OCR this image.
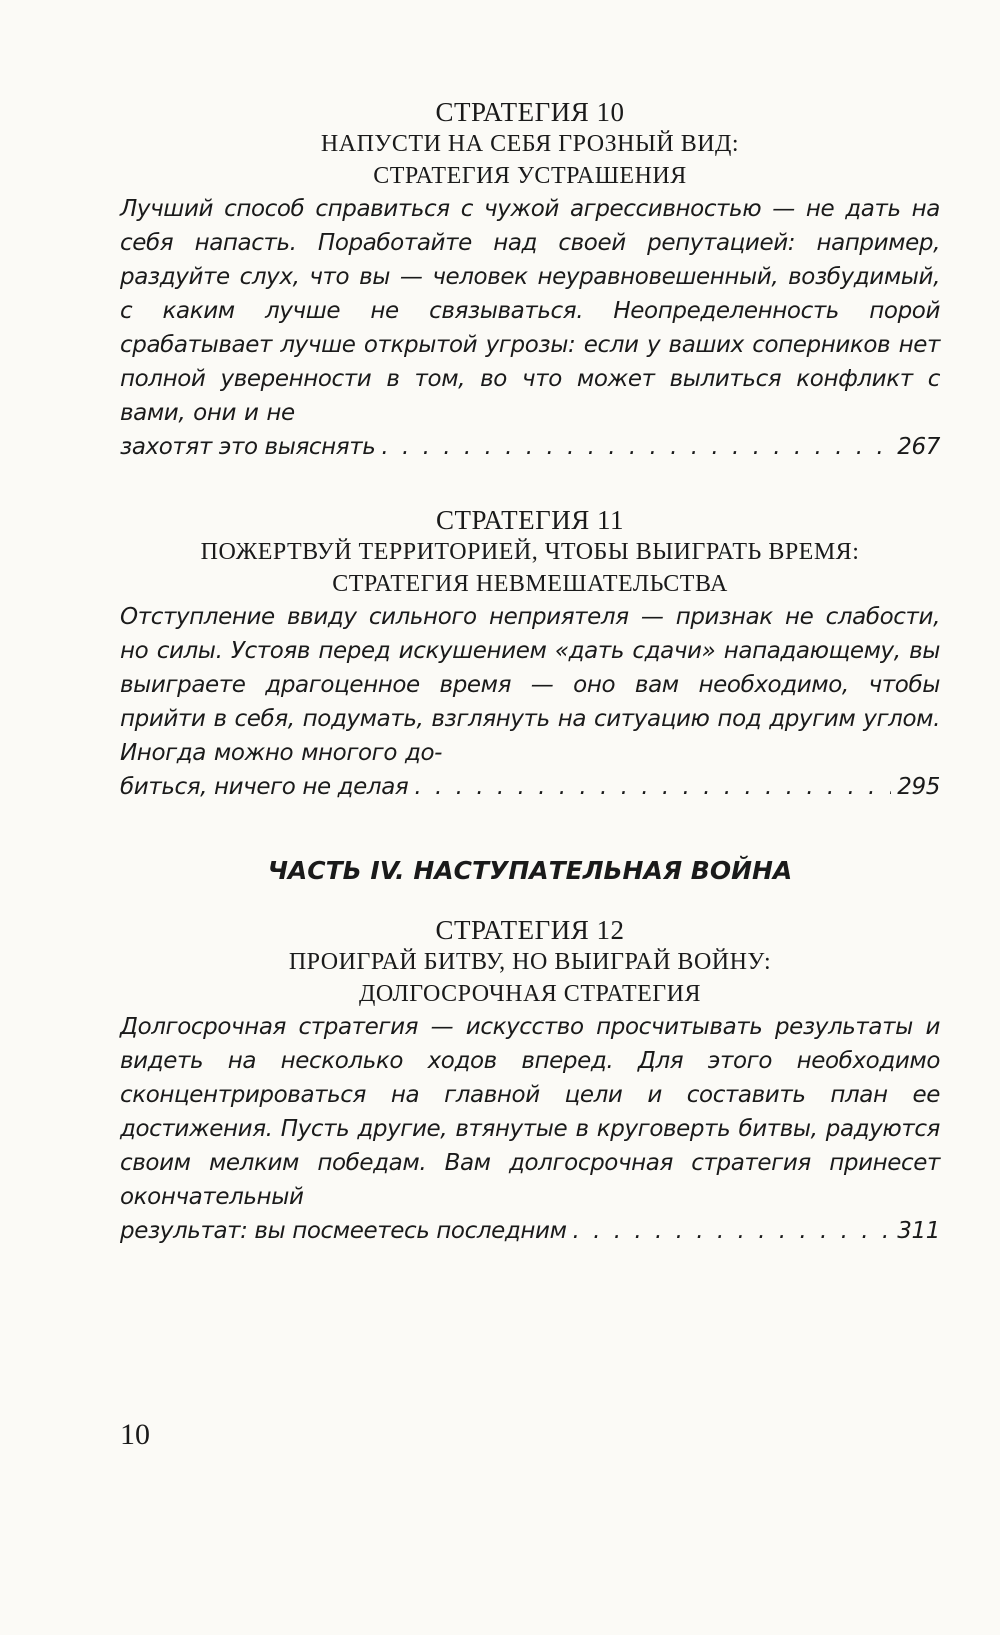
СТРАТЕГИЯ 10
НАПУСТИ НА СЕБЯ ГРОЗНЫЙ ВИД:
СТРАТЕГИЯ УСТРАШЕНИЯ
Лучший способ справиться с чужой агрессивностью — не дать на себя напасть. Поработайте над своей репутацией: например, раздуйте слух, что вы — человек неуравновешенный, возбудимый, с каким лучше не связываться. Неопределенность порой срабатывает лучше открытой угрозы: если у ваших соперников нет полной уверенности в том, во что может вылиться конфликт с вами, они и не
захотят это выяснять . . .	267
СТРАТЕГИЯ 11
ПОЖЕРТВУЙ ТЕРРИТОРИЕЙ, ЧТОБЫ ВЫИГРАТЬ ВРЕМЯ:
СТРАТЕГИЯ НЕВМЕШАТЕЛЬСТВА
Отступление ввиду сильного неприятеля — признак не слабости, но силы. Устояв перед искушением «дать сдачи» нападающему, вы выиграете драгоценное время — оно вам необходимо, чтобы прийти в себя, подумать, взглянуть на ситуацию под другим углом. Иногда можно многого до-
биться, ничего не делая . . .	295
ЧАСТЬ IV. НАСТУПАТЕЛЬНАЯ ВОЙНА
СТРАТЕГИЯ 12
ПРОИГРАЙ БИТВУ, НО ВЫИГРАЙ ВОЙНУ:
ДОЛГОСРОЧНАЯ СТРАТЕГИЯ
Долгосрочная стратегия — искусство просчитывать результаты и видеть на несколько ходов вперед. Для этого необходимо сконцентрироваться на главной цели и составить план ее достижения. Пусть другие, втянутые в круговерть битвы, радуются своим мелким победам. Вам долгосрочная стратегия принесет окончательный
результат: вы посмеетесь последним . . .	311
10
